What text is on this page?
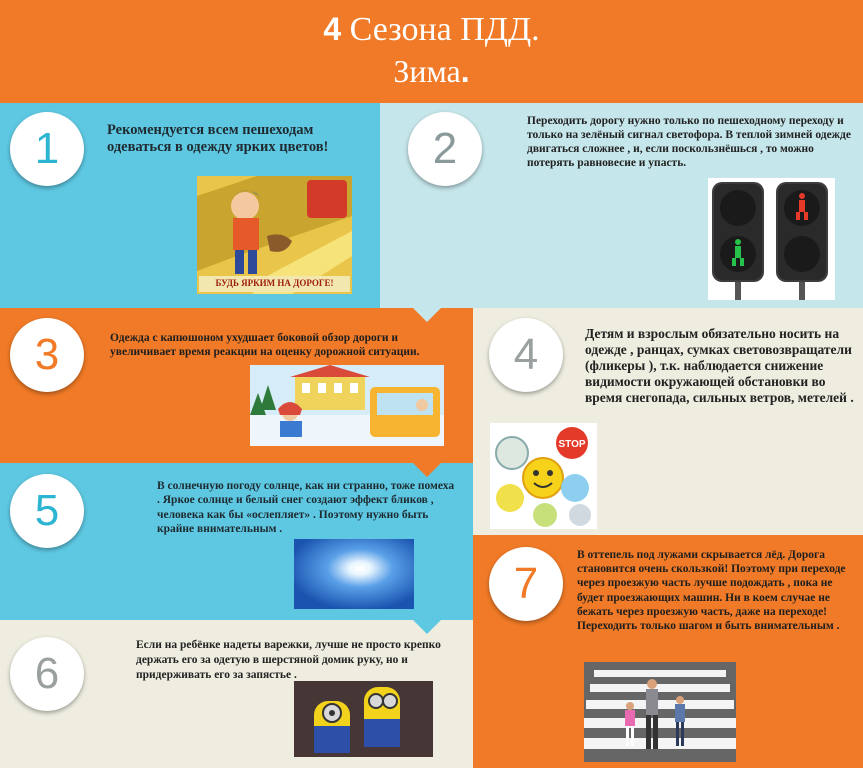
4 Сезона ПДД.
Зима.
1	2
3	4
5
6
7
Рекомендуется всем пешеходам одеваться в одежду ярких цветов!
Переходить дорогу нужно только по пешеходному переходу и только на зелёный сигнал светофора. В теплой зимней одежде двигаться сложнее , и, если поскользнёшься , то можно потерять равновесие и упасть.
Одежда с капюшоном ухудшает боковой обзор дороги и увеличивает время реакции на оценку дорожной ситуации.
Детям и взрослым обязательно носить на одежде , ранцах, сумках световозвращатели (фликеры ), т.к. наблюдается снижение видимости окружающей обстановки во время снегопада, сильных ветров, метелей .
В солнечную погоду солнце, как ни странно, тоже помеха . Яркое солнце и белый снег создают эффект бликов , человека как бы «ослепляет» . Поэтому нужно быть крайне внимательным .
Если на ребёнке надеты варежки, лучше не просто крепко держать его за одетую в шерстяной домик руку, но и придерживать его за запястье .
В оттепель под лужами скрывается лёд. Дорога становится очень скользкой! Поэтому при переходе через проезжую часть лучше подождать , пока не будет проезжающих машин. Ни в коем случае не бежать через проезжую часть, даже на переходе! Переходить только шагом и быть внимательным .
БУДЬ ЯРКИМ НА ДОРОГЕ!
STOP
